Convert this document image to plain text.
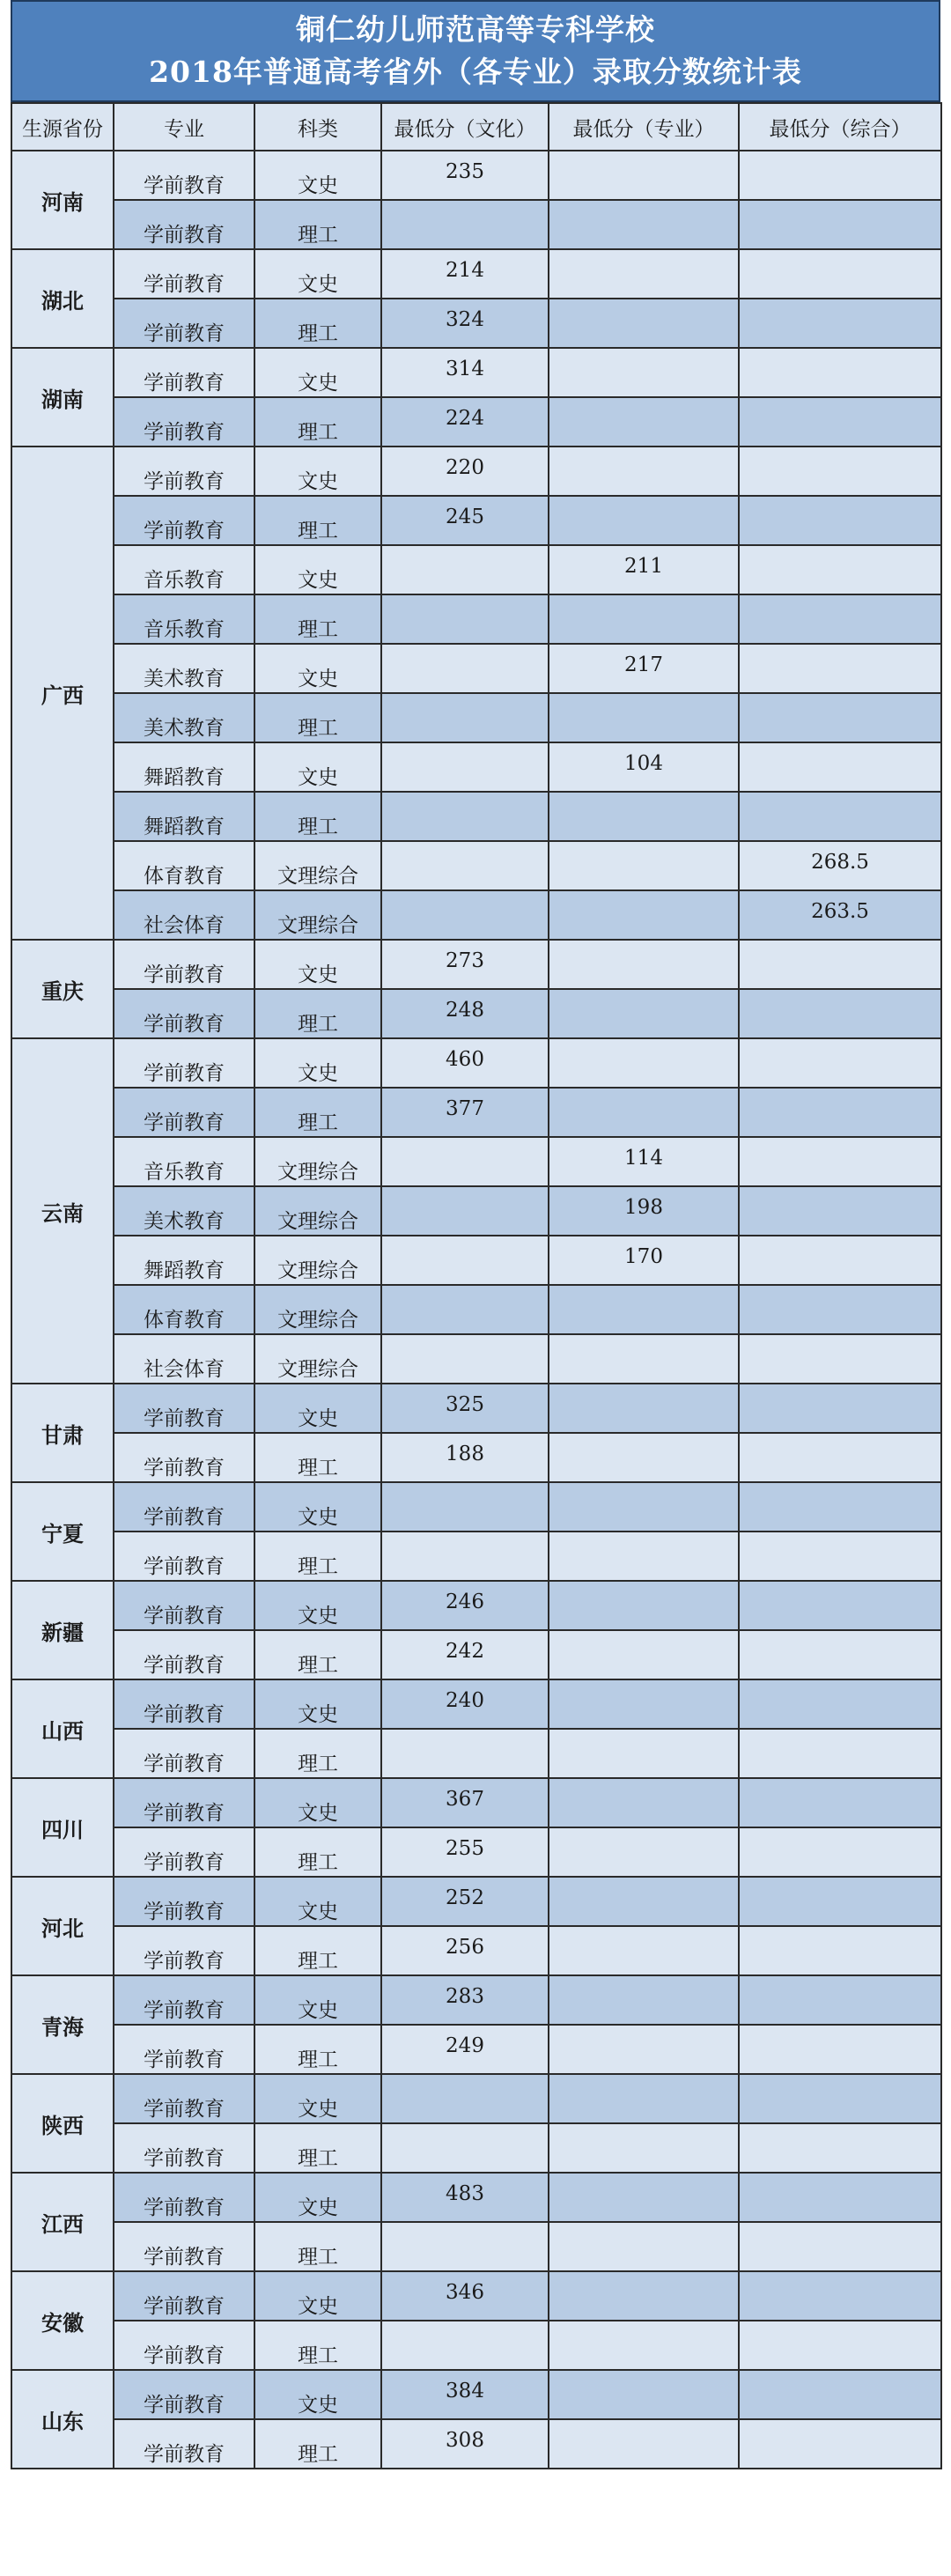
铜仁幼儿师范高等专科学校
2018年普通高考省外（各专业）录取分数统计表
生源省份	专业	科类	最低分（文化）	最低分（专业）	最低分（综合）
河南	学前教育	文史	235		
	学前教育	理工			
湖北	学前教育	文史	214		
	学前教育	理工	324		
湖南	学前教育	文史	314		
	学前教育	理工	224		
广西	学前教育	文史	220		
	学前教育	理工	245		
	音乐教育	文史		211	
	音乐教育	理工			
	美术教育	文史		217	
	美术教育	理工			
	舞蹈教育	文史		104	
	舞蹈教育	理工			
	体育教育	文理综合			268.5
	社会体育	文理综合			263.5
重庆	学前教育	文史	273		
	学前教育	理工	248		
云南	学前教育	文史	460		
	学前教育	理工	377		
	音乐教育	文理综合		114	
	美术教育	文理综合		198	
	舞蹈教育	文理综合		170	
	体育教育	文理综合			
	社会体育	文理综合			
甘肃	学前教育	文史	325		
	学前教育	理工	188		
宁夏	学前教育	文史			
	学前教育	理工			
新疆	学前教育	文史	246		
	学前教育	理工	242		
山西	学前教育	文史	240		
	学前教育	理工			
四川	学前教育	文史	367		
	学前教育	理工	255		
河北	学前教育	文史	252		
	学前教育	理工	256		
青海	学前教育	文史	283		
	学前教育	理工	249		
陕西	学前教育	文史			
	学前教育	理工			
江西	学前教育	文史	483		
	学前教育	理工			
安徽	学前教育	文史	346		
	学前教育	理工			
山东	学前教育	文史	384		
	学前教育	理工	308		
